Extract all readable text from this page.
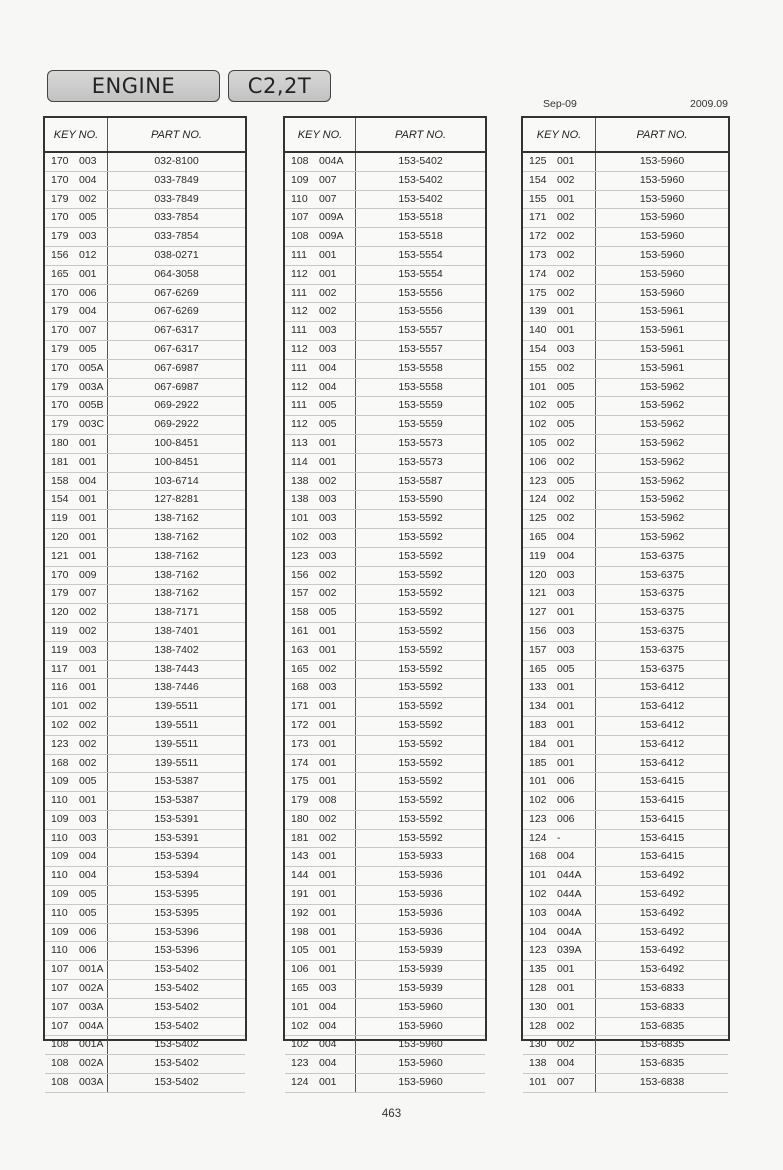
ENGINE	C2,2T
Sep-09	2009.09
KEY NO.	PART NO.
170 003	032-8100
170 004	033-7849
179 002	033-7849
170 005	033-7854
179 003	033-7854
156 012	038-0271
165 001	064-3058
170 006	067-6269
179 004	067-6269
170 007	067-6317
179 005	067-6317
170 005A	067-6987
179 003A	067-6987
170 005B	069-2922
179 003C	069-2922
180 001	100-8451
181 001	100-8451
158 004	103-6714
154 001	127-8281
119	001	138-7162
120 001	138-7162
121 001	138-7162
170 009	138-7162
179 007	138-7162
120 002	138-7171
119	002	138-7401
119	003	138-7402
117	001	138-7443
116	001	138-7446
101 002	139-5511
102 002	139-5511
123 002	139-5511
168 002	139-5511
109 005	153-5387
110	001	153-5387
109 003	153-5391
110	003	153-5391
109 004	153-5394
110	004	153-5394
109 005	153-5395
110	005	153-5395
109 006	153-5396
110	006	153-5396
107 001A	153-5402
107 002A	153-5402
107 003A	153-5402
107 004A	153-5402
108 001A	153-5402
108 002A	153-5402
108 003A	153-5402
KEY NO.	PART NO.
108 004A	153-5402
109 007	153-5402
110	007	153-5402
107 009A	153-5518
108 009A	153-5518
111	001	153-5554
112	001	153-5554
111	002	153-5556
112	002	153-5556
111	003	153-5557
112	003	153-5557
111	004	153-5558
112	004	153-5558
111	005	153-5559
112	005	153-5559
113	001	153-5573
114	001	153-5573
138 002	153-5587
138 003	153-5590
101 003	153-5592
102 003	153-5592
123 003	153-5592
156 002	153-5592
157 002	153-5592
158 005	153-5592
161 001	153-5592
163 001	153-5592
165 002	153-5592
168 003	153-5592
171 001	153-5592
172 001	153-5592
173 001	153-5592
174 001	153-5592
175 001	153-5592
179 008	153-5592
180 002	153-5592
181 002	153-5592
143 001	153-5933
144 001	153-5936
191 001	153-5936
192 001	153-5936
198 001	153-5936
105 001	153-5939
106 001	153-5939
165 003	153-5939
101 004	153-5960
102 004	153-5960
102 004	153-5960
123 004	153-5960
124 001	153-5960
KEY NO.	PART NO.
125 001	153-5960
154 002	153-5960
155 001	153-5960
171 002	153-5960
172 002	153-5960
173 002	153-5960
174 002	153-5960
175 002	153-5960
139 001	153-5961
140 001	153-5961
154 003	153-5961
155 002	153-5961
101 005	153-5962
102 005	153-5962
102 005	153-5962
105 002	153-5962
106 002	153-5962
123 005	153-5962
124 002	153-5962
125 002	153-5962
165 004	153-5962
119	004	153-6375
120 003	153-6375
121 003	153-6375
127 001	153-6375
156 003	153-6375
157 003	153-6375
165 005	153-6375
133 001	153-6412
134 001	153-6412
183 001	153-6412
184 001	153-6412
185 001	153-6412
101 006	153-6415
102 006	153-6415
123 006	153-6415
124 -	153-6415
168 004	153-6415
101 044A	153-6492
102 044A	153-6492
103 004A	153-6492
104 004A	153-6492
123 039A	153-6492
135 001	153-6492
128 001	153-6833
130 001	153-6833
128 002	153-6835
130 002	153-6835
138 004	153-6835
101 007	153-6838
463
